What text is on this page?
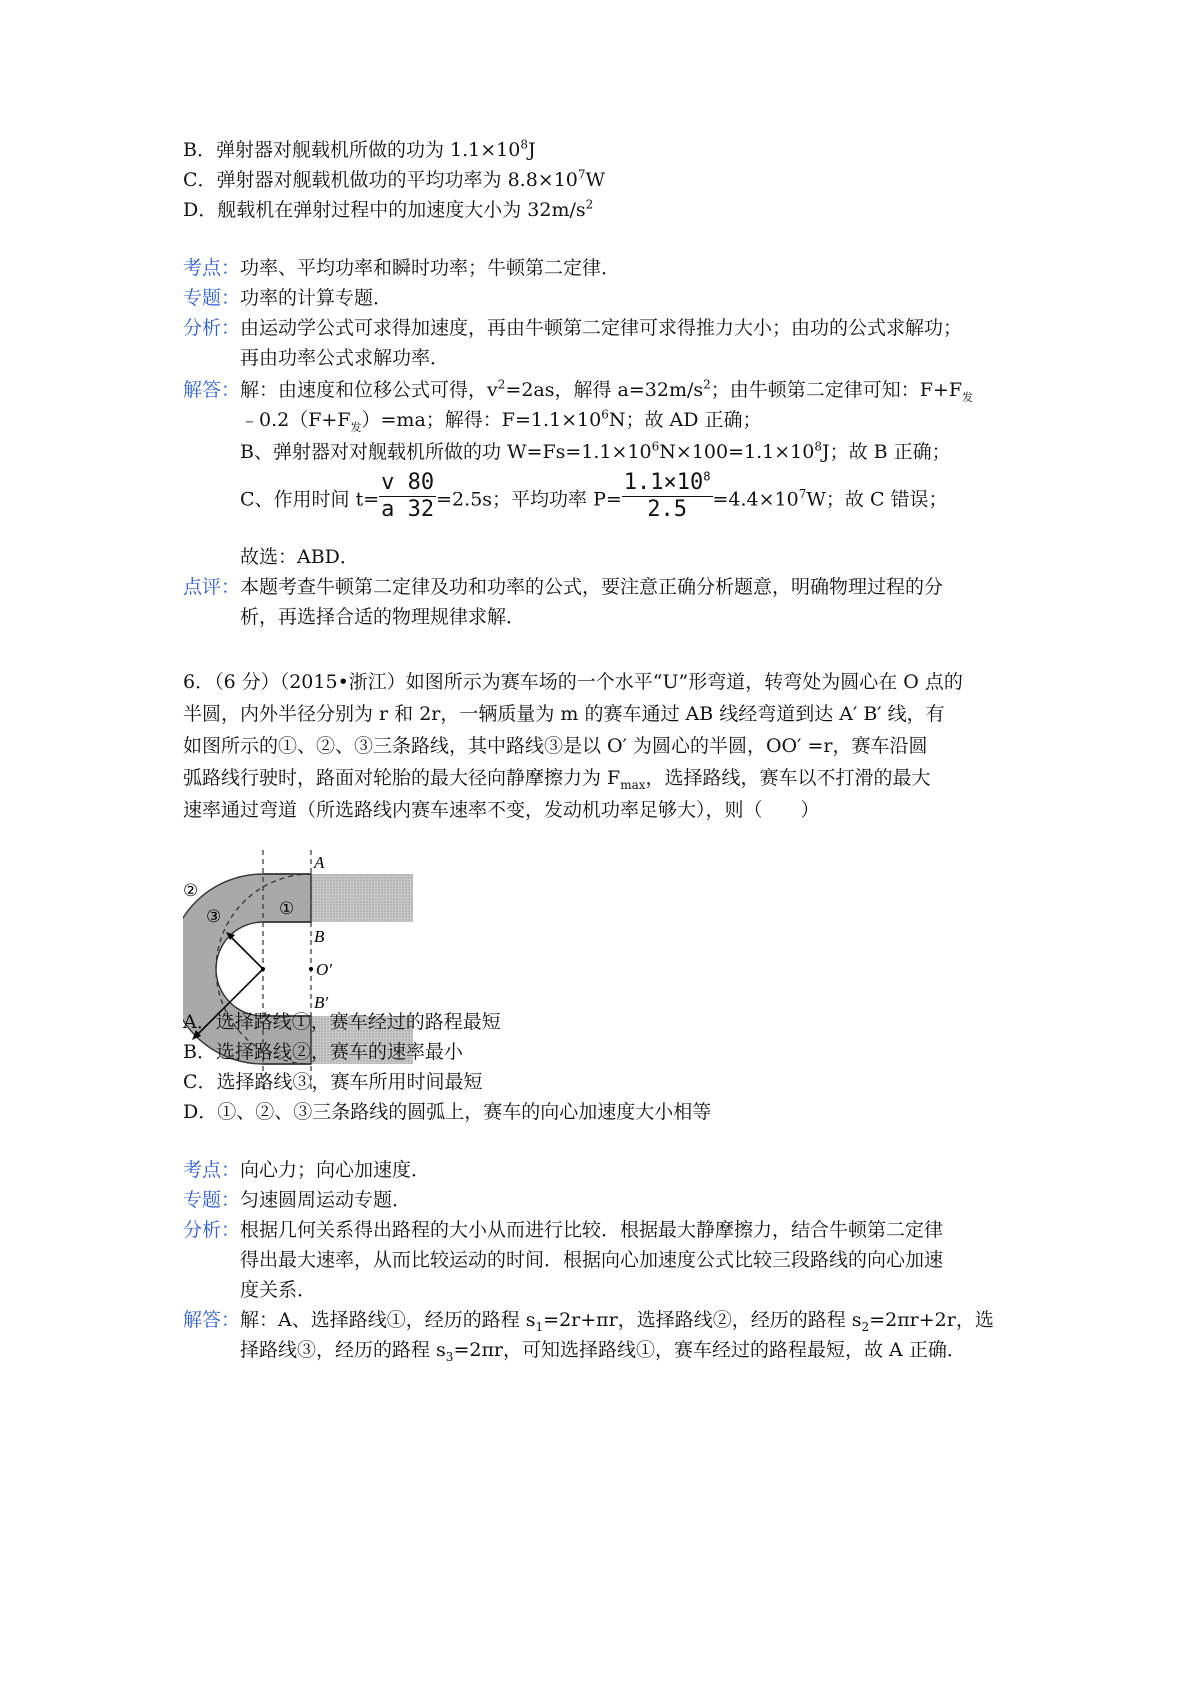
B．弹射器对舰载机所做的功为 $1.1\times 10^8J$
C．弹射器对舰载机做功的平均功率为 $8.8\times 10^7W$
D．舰载机在弹射过程中的加速度大小为 $32m/s^2$
考点：功率、平均功率和瞬时功率；牛顿第二定律．
专题：功率的计算专题．
分析：由运动学公式可求得加速度，再由牛顿第二定律可求得推力大小；由功的公式求解功；
再由功率公式求解功率．
解答：解：由速度和位移公式可得，$v^2=2as$，解得 $a=32m/s^2$；由牛顿第二定律可知：$F+F_发$
$﹣0.2(F+F_发)=ma$；解得：$F=1.1\times 10^6N$；故 AD 正确；
B、弹射器对对舰载机所做的功 $W=Fs=1.1\times 10^6N\times 100=1.1\times 10^8J$；故 B 正确；
C、作用时间 $t= \frac{v 80}{a 32} =2.5s$；平均功率 $P= \frac{1.1\times 10^8}{2.5} =4.4\times 10^7W$；故 C 错误；
故选：ABD．
点评：本题考查牛顿第二定律及功和功率的公式，要注意正确分析题意，明确物理过程的分
析，再选择合适的物理规律求解．
6．（6 分）（2015•浙江）如图所示为赛车场的一个水平“U”形弯道，转弯处为圆心在 O 点的
半圆，内外半径分别为 r 和 2r，一辆质量为 m 的赛车通过 AB 线经弯道到达 A′ B′ 线，有
如图所示的①、②、③三条路线，其中路线③是以 O′ 为圆心的半圆，OO′ =r，赛车沿圆
弧路线行驶时，路面对轮胎的最大径向静摩擦力为 $F_{max}$，选择路线，赛车以不打滑的最大
速率通过弯道（所选路线内赛车速率不变，发动机功率足够大），则（　　）
A
B
O′
B′
②
③	①
A．选择路线①，赛车经过的路程最短
B．选择路线②，赛车的速率最小
C．选择路线③，赛车所用时间最短
D．①、②、③三条路线的圆弧上，赛车的向心加速度大小相等
考点：向心力；向心加速度．
专题：匀速圆周运动专题．
分析：根据几何关系得出路程的大小从而进行比较．根据最大静摩擦力，结合牛顿第二定律
得出最大速率，从而比较运动的时间．根据向心加速度公式比较三段路线的向心加速
度关系．
解答：解：A、选择路线①，经历的路程 $s_1=2r+\pi r$，选择路线②，经历的路程 $s_2=2\pi r+2r$，选
择路线③，经历的路程 $s_3=2\pi r$，可知选择路线①，赛车经过的路程最短，故 A 正确．
